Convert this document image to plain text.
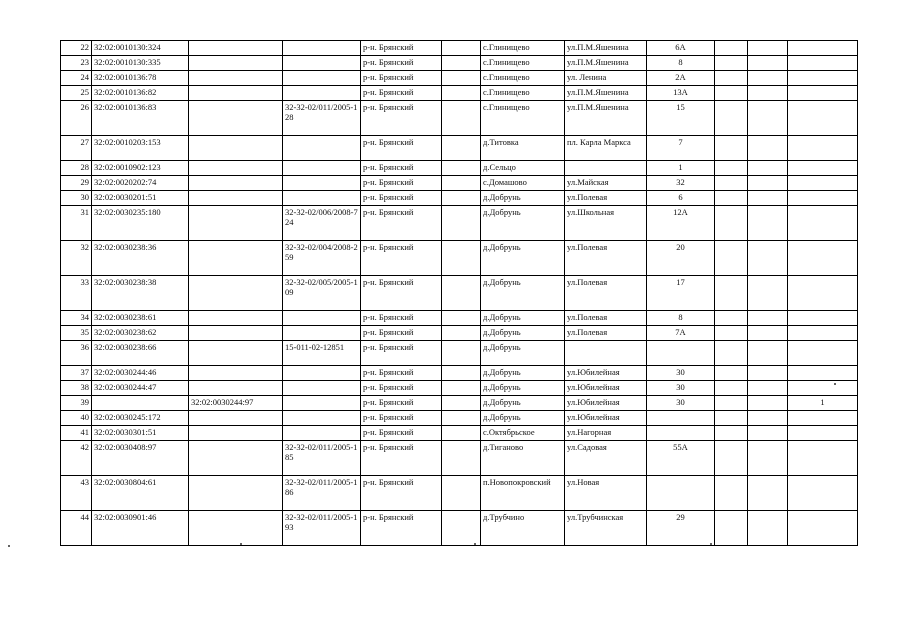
22	32:02:0010130:324			р-н. Брянский		с.Глинищево	ул.П.М.Яшенина	6А			
23	32:02:0010130:335			р-н. Брянский		с.Глинищево	ул.П.М.Яшенина	8			
24	32:02:0010136:78			р-н. Брянский		с.Глинищево	ул. Ленина	2А			
25	32:02:0010136:82			р-н. Брянский		с.Глинищево	ул.П.М.Яшенина	13А			
26	32:02:0010136:83		32-32-02/011/2005-128	р-н. Брянский		с.Глинищево	ул.П.М.Яшенина	15			
27	32:02:0010203:153			р-н. Брянский		д.Титовка	пл. Карла Маркса	7			
28	32:02:0010902:123			р-н. Брянский		д.Сельцо		1			
29	32:02:0020202:74			р-н. Брянский		с.Домашово	ул.Майская	32			
30	32:02:0030201:51			р-н. Брянский		д.Добрунь	ул.Полевая	6			
31	32:02:0030235:180		32-32-02/006/2008-724	р-н. Брянский		д.Добрунь	ул.Школьная	12А			
32	32:02:0030238:36		32-32-02/004/2008-259	р-н. Брянский		д.Добрунь	ул.Полевая	20			
33	32:02:0030238:38		32-32-02/005/2005-109	р-н. Брянский		д.Добрунь	ул.Полевая	17			
34	32:02:0030238:61			р-н. Брянский		д.Добрунь	ул.Полевая	8			
35	32:02:0030238:62			р-н. Брянский		д.Добрунь	ул.Полевая	7А			
36	32:02:0030238:66		15-011-02-12851	р-н. Брянский		д.Добрунь					
37	32:02:0030244:46			р-н. Брянский		д.Добрунь	ул.Юбилейная	30			
38	32:02:0030244:47			р-н. Брянский		д.Добрунь	ул.Юбилейная	30			
39		32:02:0030244:97		р-н. Брянский		д.Добрунь	ул.Юбилейная	30			1
40	32:02:0030245:172			р-н. Брянский		д.Добрунь	ул.Юбилейная				
41	32:02:0030301:51			р-н. Брянский		с.Октябрьское	ул.Нагорная				
42	32:02:0030408:97		32-32-02/011/2005-185	р-н. Брянский		д.Тиганово	ул.Садовая	55А			
43	32:02:0030804:61		32-32-02/011/2005-186	р-н. Брянский		п.Новопокровский	ул.Новая				
44	32:02:0030901:46		32-32-02/011/2005-193	р-н. Брянский		д.Трубчино	ул.Трубчинская	29			
